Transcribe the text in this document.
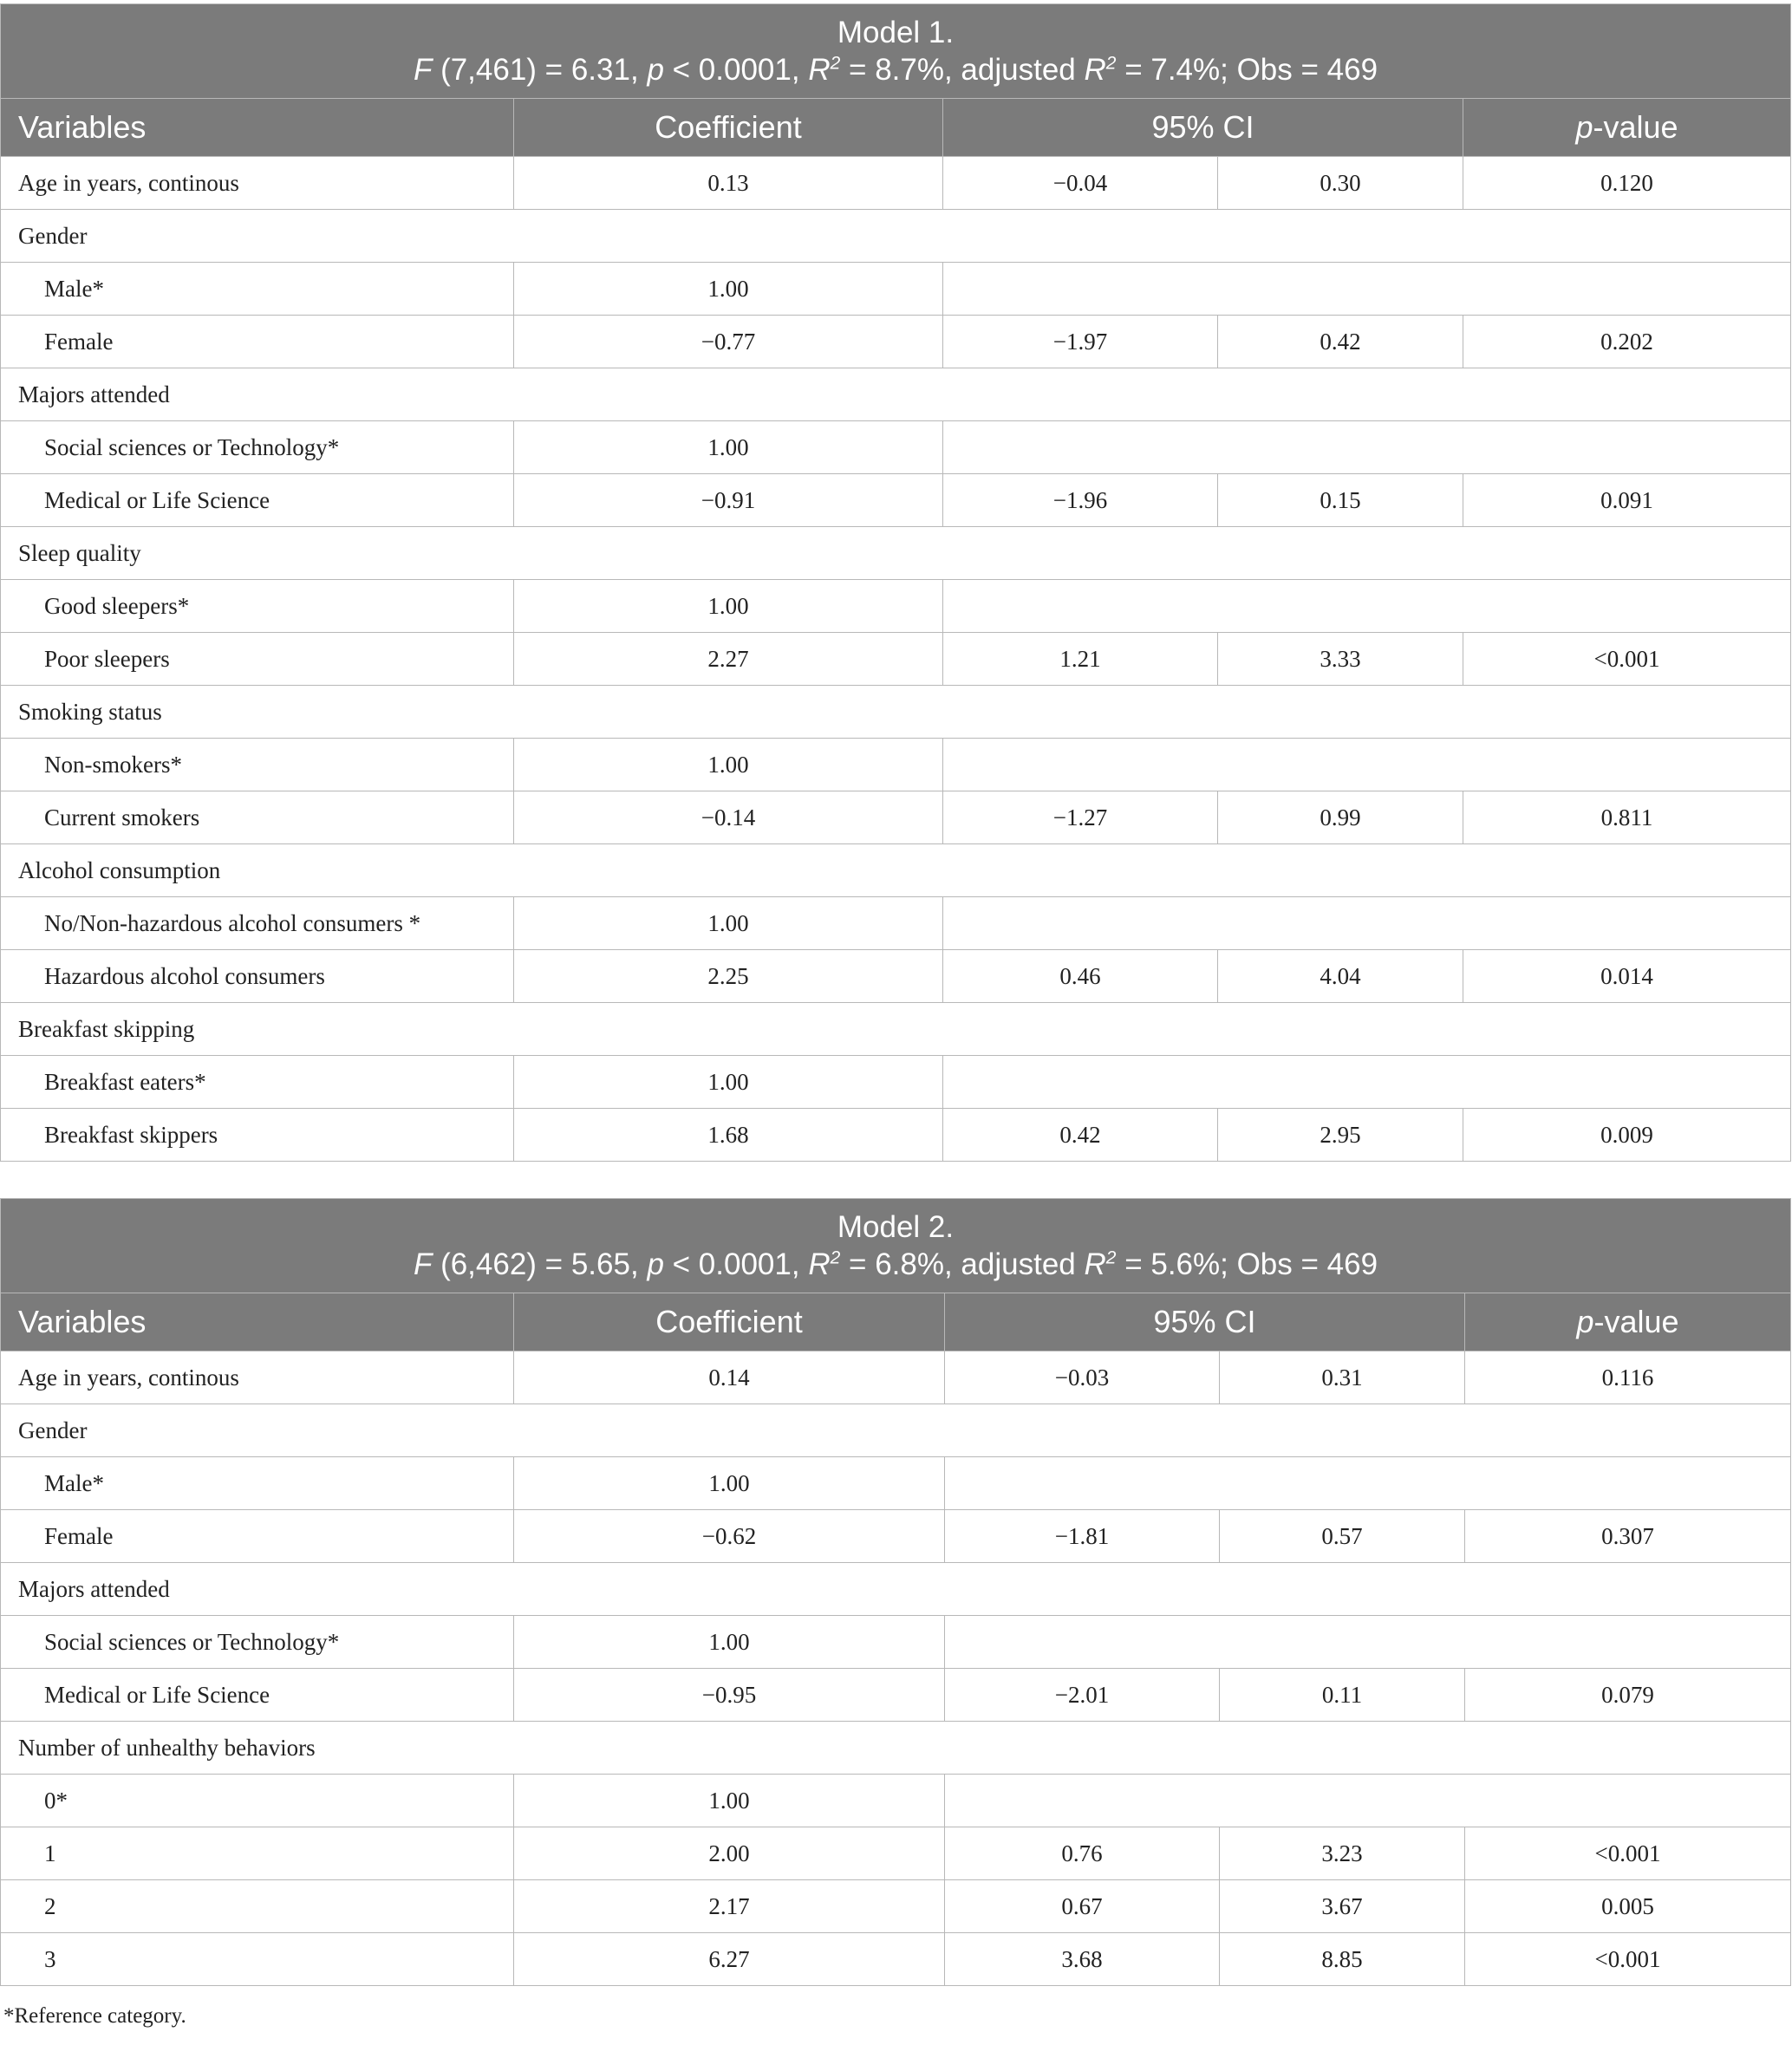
Model 1.
F (7,461) = 6.31, p < 0.0001, $R^2 = 8.7\%$, adjusted $R^2 = 7.4\%$; Obs = 469				

Variables	Coefficient	95% CI		p-value
Age in years, continous	0.13	−0.04	0.30	0.120
Gender				
Male*	1.00			
Female	−0.77	−1.97	0.42	0.202
Majors attended				
Social sciences or Technology*	1.00			
Medical or Life Science	−0.91	−1.96	0.15	0.091
Sleep quality				
Good sleepers*	1.00			
Poor sleepers	2.27	1.21	3.33	<0.001
Smoking status				
Non-smokers*	1.00			
Current smokers	−0.14	−1.27	0.99	0.811
Alcohol consumption				
No/Non-hazardous alcohol consumers *	1.00			
Hazardous alcohol consumers	2.25	0.46	4.04	0.014
Breakfast skipping				
Breakfast eaters*	1.00			
Breakfast skippers	1.68	0.42	2.95	0.009
Model 2.
F (6,462) = 5.65, p < 0.0001, $R^2 = 6.8\%$, adjusted $R^2 = 5.6\%$; Obs = 469				

Variables	Coefficient	95% CI		p-value
Age in years, continous	0.14	−0.03	0.31	0.116
Gender				
Male*	1.00			
Female	−0.62	−1.81	0.57	0.307
Majors attended				
Social sciences or Technology*	1.00			
Medical or Life Science	−0.95	−2.01	0.11	0.079
Number of unhealthy behaviors				
0*	1.00			
1	2.00	0.76	3.23	<0.001
2	2.17	0.67	3.67	0.005
3	6.27	3.68	8.85	<0.001
*Reference category.
